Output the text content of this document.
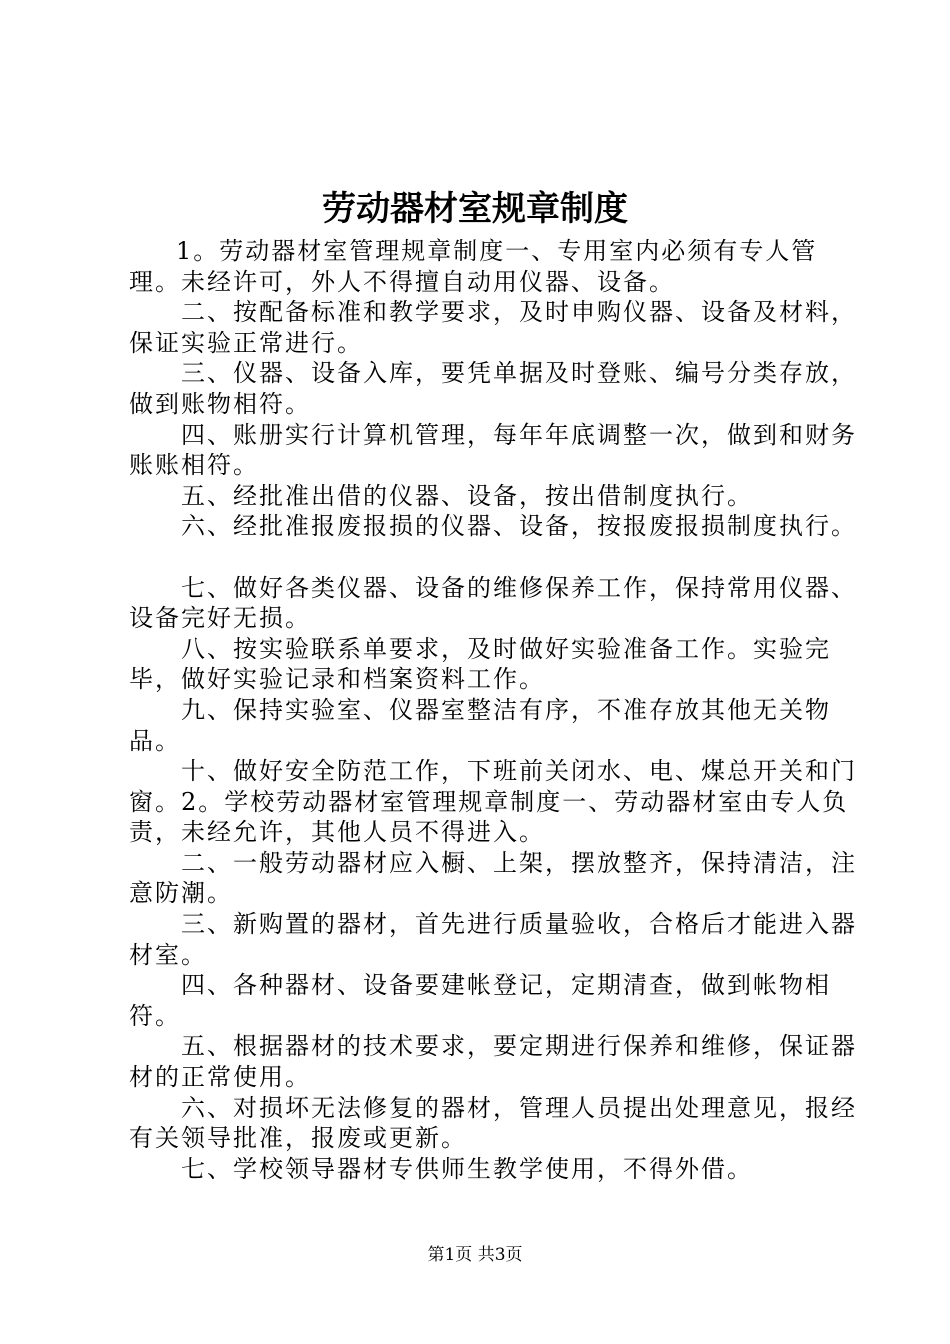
劳动器材室规章制度

1。劳动器材室管理规章制度一、专用室内必须有专人管理。未经许可，外人不得擅自动用仪器、设备。

二、按配备标准和教学要求，及时申购仪器、设备及材料，保证实验正常进行。

三、仪器、设备入库，要凭单据及时登账、编号分类存放，做到账物相符。

四、账册实行计算机管理，每年年底调整一次，做到和财务账账相符。

五、经批准出借的仪器、设备，按出借制度执行。

六、经批准报废报损的仪器、设备，按报废报损制度执行。

七、做好各类仪器、设备的维修保养工作，保持常用仪器、设备完好无损。

八、按实验联系单要求，及时做好实验准备工作。实验完毕，做好实验记录和档案资料工作。

九、保持实验室、仪器室整洁有序，不准存放其他无关物品。

十、做好安全防范工作，下班前关闭水、电、煤总开关和门窗。2。学校劳动器材室管理规章制度一、劳动器材室由专人负责，未经允许，其他人员不得进入。

二、一般劳动器材应入橱、上架，摆放整齐，保持清洁，注意防潮。

三、新购置的器材，首先进行质量验收，合格后才能进入器材室。

四、各种器材、设备要建帐登记，定期清查，做到帐物相符。

五、根据器材的技术要求，要定期进行保养和维修，保证器材的正常使用。

六、对损坏无法修复的器材，管理人员提出处理意见，报经有关领导批准，报废或更新。

七、学校领导器材专供师生教学使用，不得外借。

第1页 共3页
